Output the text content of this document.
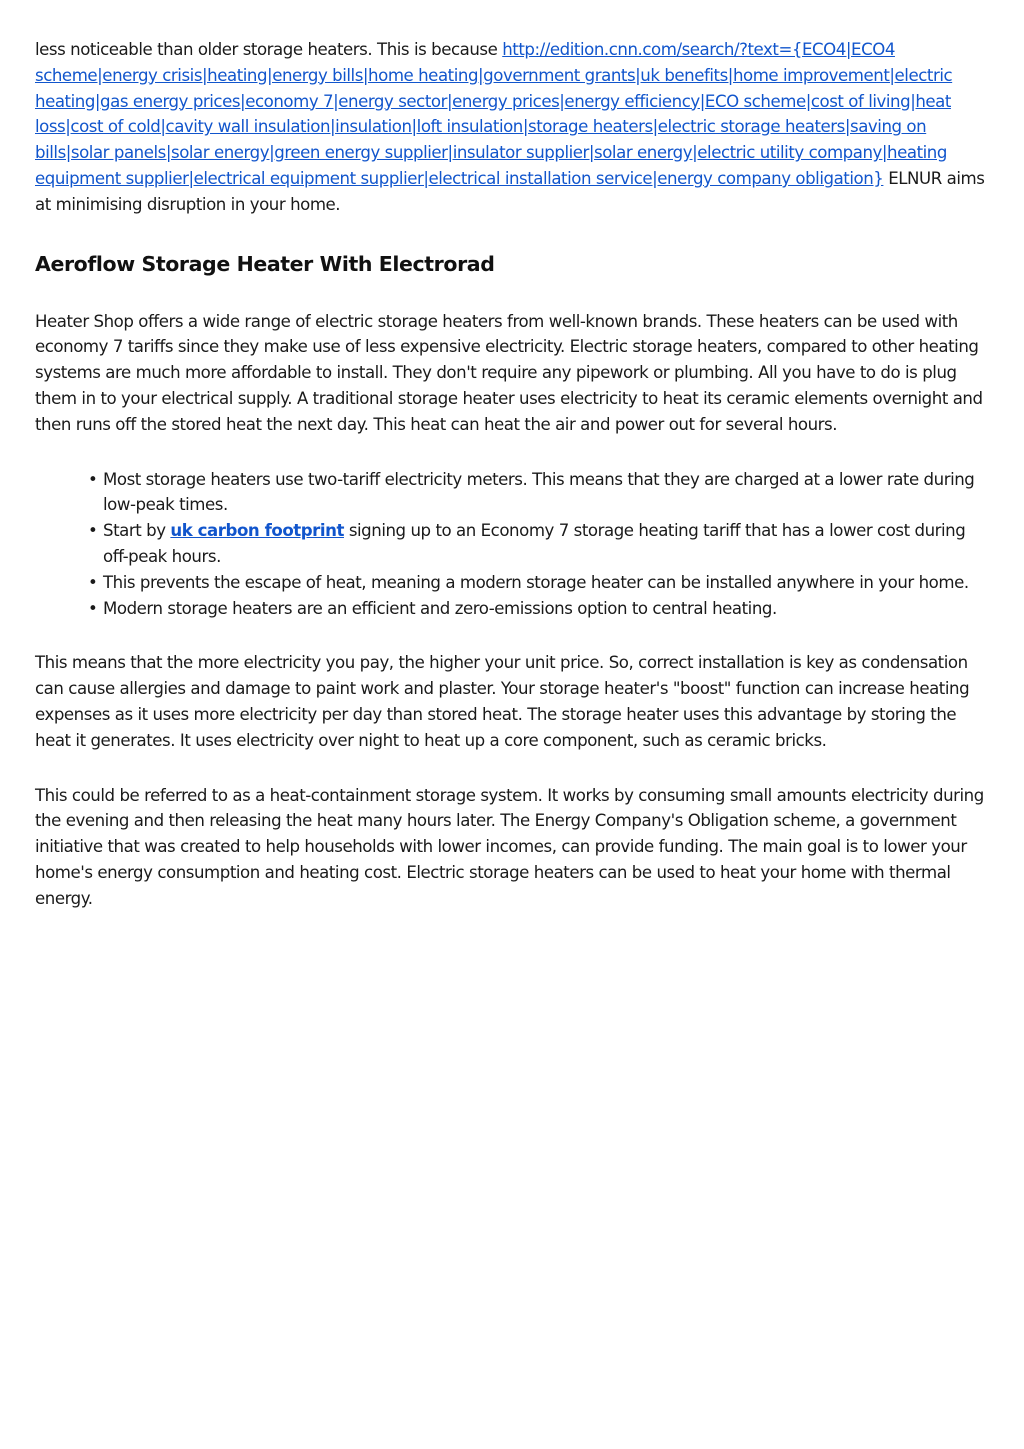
less noticeable than older storage heaters. This is because http://edition.cnn.com/search/?text={ECO4|ECO4 scheme|energy crisis|heating|energy bills|home heating|government grants|uk benefits|home improvement|electric heating|gas energy prices|economy 7|energy sector|energy prices|energy efficiency|ECO scheme|cost of living|heat loss|cost of cold|cavity wall insulation|insulation|loft insulation|storage heaters|electric storage heaters|saving on bills|solar panels|solar energy|green energy supplier|insulator supplier|solar energy|electric utility company|heating equipment supplier|electrical equipment supplier|electrical installation service|energy company obligation} ELNUR aims at minimising disruption in your home.

Aeroflow Storage Heater With Electrorad

Heater Shop offers a wide range of electric storage heaters from well-known brands. These heaters can be used with economy 7 tariffs since they make use of less expensive electricity. Electric storage heaters, compared to other heating systems are much more affordable to install. They don't require any pipework or plumbing. All you have to do is plug them in to your electrical supply. A traditional storage heater uses electricity to heat its ceramic elements overnight and then runs off the stored heat the next day. This heat can heat the air and power out for several hours.

• Most storage heaters use two-tariff electricity meters. This means that they are charged at a lower rate during low-peak times.
• Start by uk carbon footprint signing up to an Economy 7 storage heating tariff that has a lower cost during off-peak hours.
• This prevents the escape of heat, meaning a modern storage heater can be installed anywhere in your home.
• Modern storage heaters are an efficient and zero-emissions option to central heating.

This means that the more electricity you pay, the higher your unit price. So, correct installation is key as condensation can cause allergies and damage to paint work and plaster. Your storage heater's "boost" function can increase heating expenses as it uses more electricity per day than stored heat. The storage heater uses this advantage by storing the heat it generates. It uses electricity over night to heat up a core component, such as ceramic bricks.

This could be referred to as a heat-containment storage system. It works by consuming small amounts electricity during the evening and then releasing the heat many hours later. The Energy Company's Obligation scheme, a government initiative that was created to help households with lower incomes, can provide funding. The main goal is to lower your home's energy consumption and heating cost. Electric storage heaters can be used to heat your home with thermal energy.
